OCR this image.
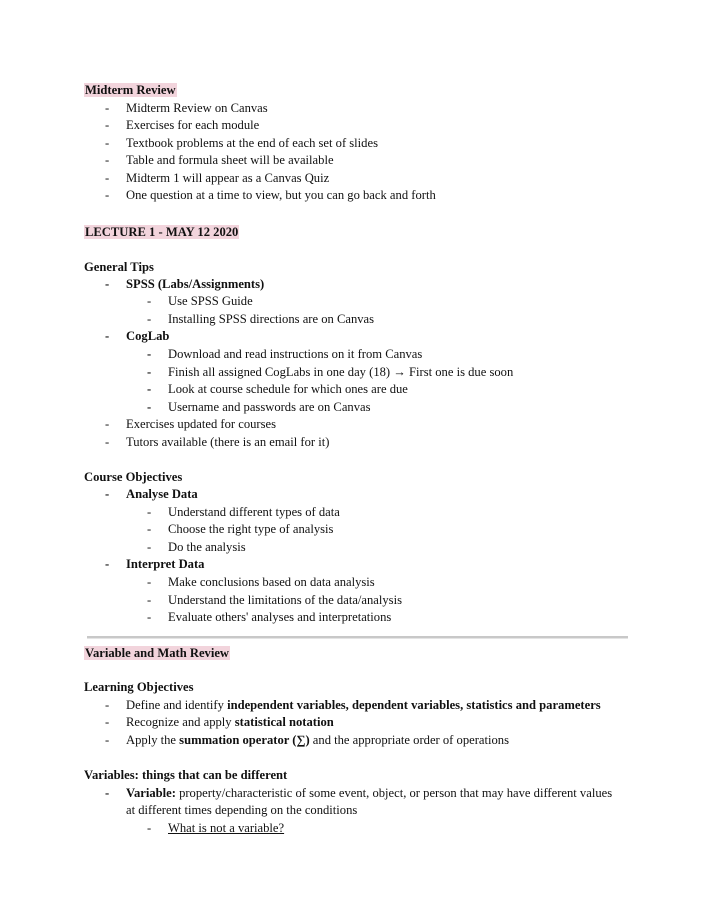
Midterm Review
- Midterm Review on Canvas
- Exercises for each module
- Textbook problems at the end of each set of slides
- Table and formula sheet will be available
- Midterm 1 will appear as a Canvas Quiz
- One question at a time to view, but you can go back and forth
LECTURE 1 - MAY 12 2020
General Tips
- SPSS (Labs/Assignments)
- Use SPSS Guide
- Installing SPSS directions are on Canvas
- CogLab
- Download and read instructions on it from Canvas
- Finish all assigned CogLabs in one day (18) → First one is due soon
- Look at course schedule for which ones are due
- Username and passwords are on Canvas
- Exercises updated for courses
- Tutors available (there is an email for it)
Course Objectives
- Analyse Data
- Understand different types of data
- Choose the right type of analysis
- Do the analysis
- Interpret Data
- Make conclusions based on data analysis
- Understand the limitations of the data/analysis
- Evaluate others' analyses and interpretations
Variable and Math Review
Learning Objectives
- Define and identify independent variables, dependent variables, statistics and parameters
- Recognize and apply statistical notation
- Apply the summation operator (∑) and the appropriate order of operations
Variables: things that can be different
- Variable: property/characteristic of some event, object, or person that may have different values
at different times depending on the conditions
- What is not a variable?
